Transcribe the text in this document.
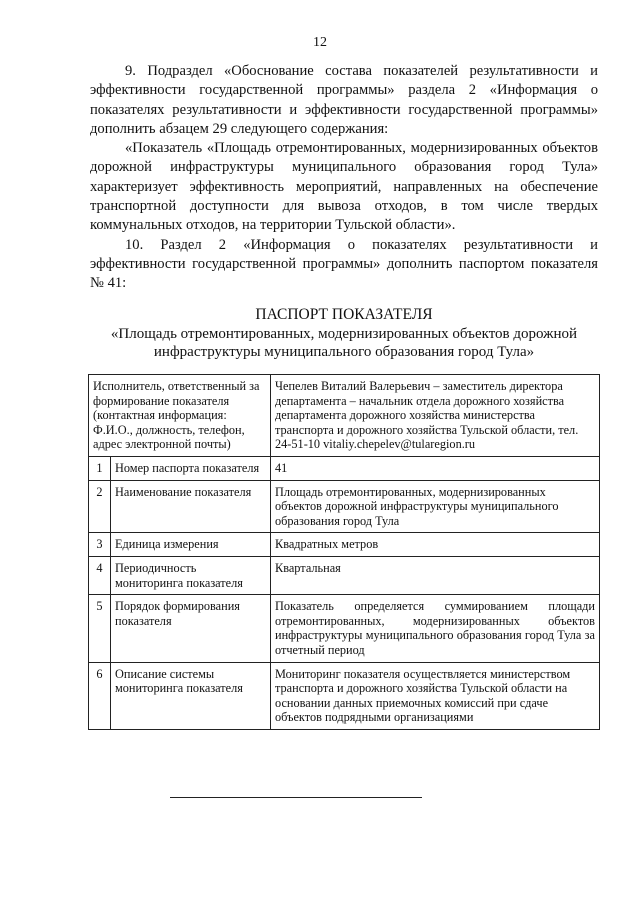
12

9. Подраздел «Обоснование состава показателей результативности и эффективности государственной программы» раздела 2 «Информация о показателях результативности и эффективности государственной программы» дополнить абзацем 29 следующего содержания:

«Показатель «Площадь отремонтированных, модернизированных объектов дорожной инфраструктуры муниципального образования город Тула» характеризует эффективность мероприятий, направленных на обеспечение транспортной доступности для вывоза отходов, в том числе твердых коммунальных отходов, на территории Тульской области».

10. Раздел 2 «Информация о показателях результативности и эффективности государственной программы» дополнить паспортом показателя № 41:

ПАСПОРТ ПОКАЗАТЕЛЯ
«Площадь отремонтированных, модернизированных объектов дорожной инфраструктуры муниципального образования город Тула»
Исполнитель, ответственный за формирование показателя (контактная информация: Ф.И.О., должность, телефон, адрес электронной почты)		Чепелев Виталий Валерьевич – заместитель директора департамента – начальник отдела дорожного хозяйства департамента дорожного хозяйства министерства транспорта и дорожного хозяйства Тульской области, тел. 24-51-10 vitaliy.chepelev@tularegion.ru
1	Номер паспорта показателя	41
2	Наименование показателя	Площадь отремонтированных, модернизированных объектов дорожной инфраструктуры муниципального образования город Тула
3	Единица измерения	Квадратных метров
4	Периодичность мониторинга показателя	Квартальная
5	Порядок формирования показателя	Показатель определяется суммированием площади отремонтированных, модернизированных объектов инфраструктуры муниципального образования город Тула за отчетный период
6	Описание системы мониторинга показателя	Мониторинг показателя осуществляется министерством транспорта и дорожного хозяйства Тульской области на основании данных приемочных комиссий при сдаче объектов подрядными организациями
